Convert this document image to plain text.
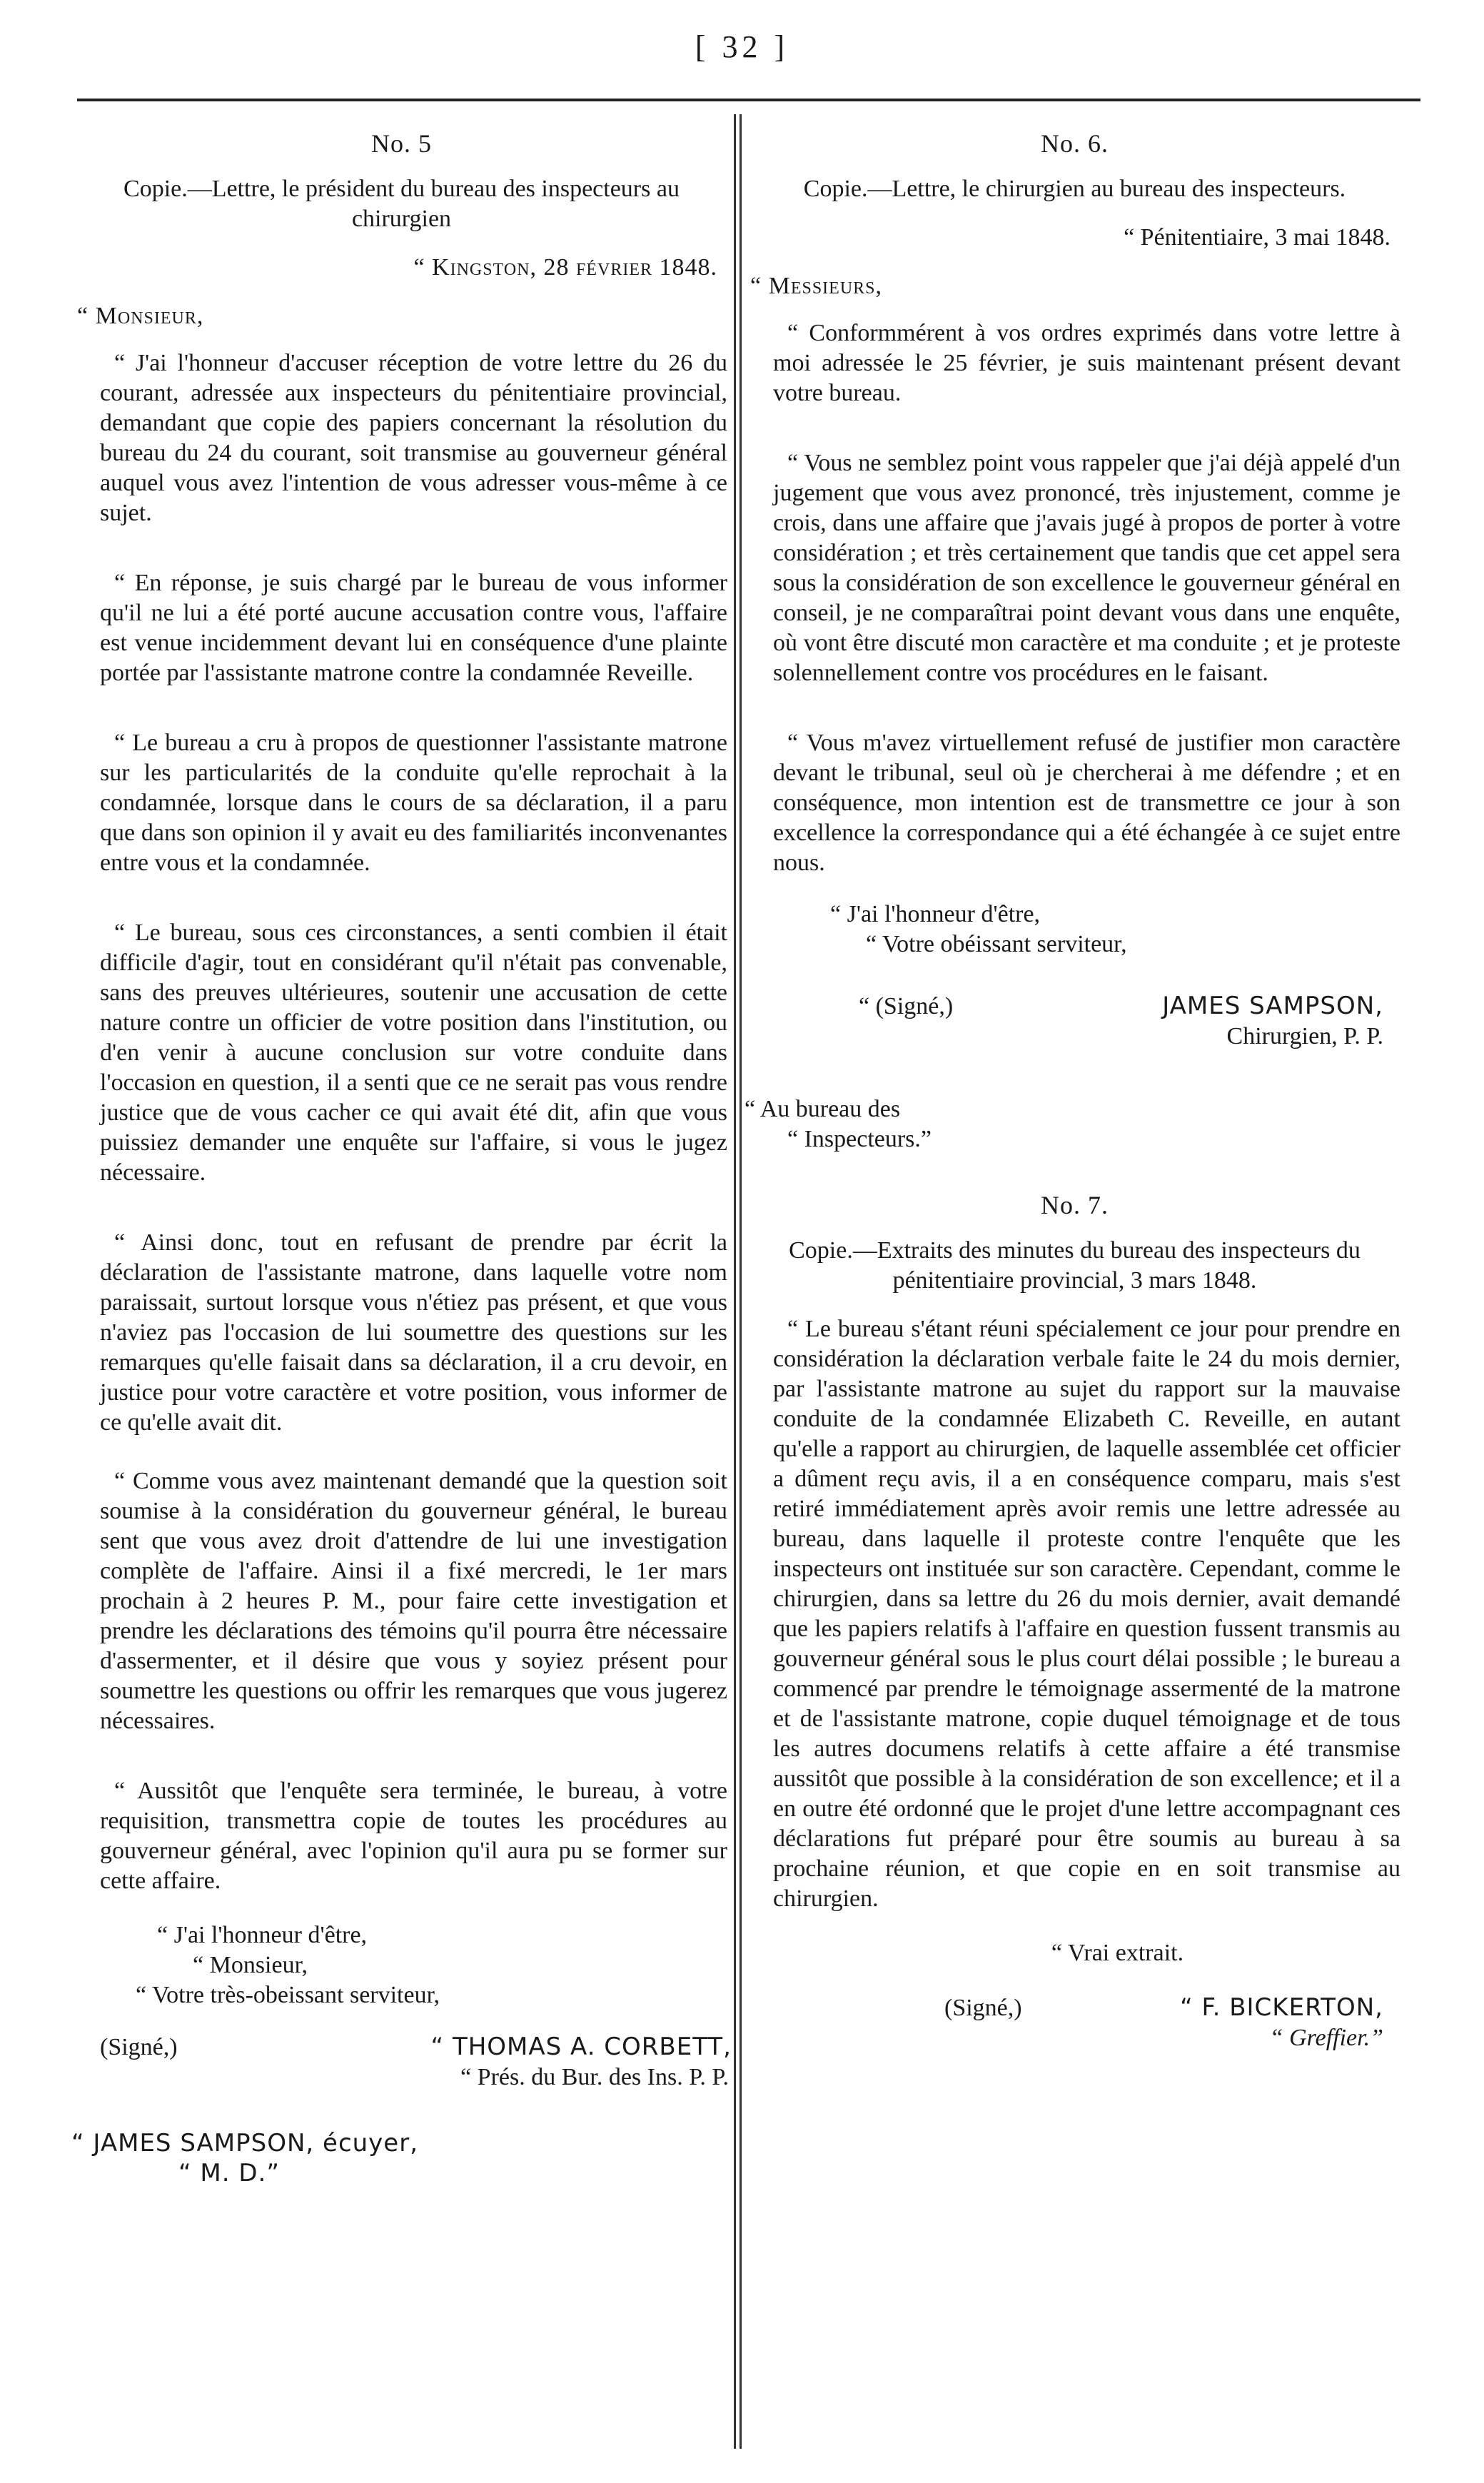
[ 32 ]
No. 5
Copie.—Lettre, le président du bureau des inspecteurs au chirurgien
“ Kingston, 28 février 1848.
“ Monsieur,
“ J'ai l'honneur d'accuser réception de votre lettre du 26 du courant, adressée aux inspecteurs du pénitentiaire provincial, demandant que copie des papiers concernant la résolution du bureau du 24 du courant, soit transmise au gouverneur général auquel vous avez l'intention de vous adresser vous-même à ce sujet.
“ En réponse, je suis chargé par le bureau de vous informer qu'il ne lui a été porté aucune accusation contre vous, l'affaire est venue incidemment devant lui en conséquence d'une plainte portée par l'assistante matrone contre la condamnée Reveille.
“ Le bureau a cru à propos de questionner l'assistante matrone sur les particularités de la conduite qu'elle reprochait à la condamnée, lorsque dans le cours de sa déclaration, il a paru que dans son opinion il y avait eu des familiarités inconvenantes entre vous et la condamnée.
“ Le bureau, sous ces circonstances, a senti combien il était difficile d'agir, tout en considérant qu'il n'était pas convenable, sans des preuves ultérieures, soutenir une accusation de cette nature contre un officier de votre position dans l'institution, ou d'en venir à aucune conclusion sur votre conduite dans l'occasion en question, il a senti que ce ne serait pas vous rendre justice que de vous cacher ce qui avait été dit, afin que vous puissiez demander une enquête sur l'affaire, si vous le jugez nécessaire.
“ Ainsi donc, tout en refusant de prendre par écrit la déclaration de l'assistante matrone, dans laquelle votre nom paraissait, surtout lorsque vous n'étiez pas présent, et que vous n'aviez pas l'occasion de lui soumettre des questions sur les remarques qu'elle faisait dans sa déclaration, il a cru devoir, en justice pour votre caractère et votre position, vous informer de ce qu'elle avait dit.
“ Comme vous avez maintenant demandé que la question soit soumise à la considération du gouverneur général, le bureau sent que vous avez droit d'attendre de lui une investigation complète de l'affaire. Ainsi il a fixé mercredi, le 1er mars prochain à 2 heures P. M., pour faire cette investigation et prendre les déclarations des témoins qu'il pourra être nécessaire d'assermenter, et il désire que vous y soyiez présent pour soumettre les questions ou offrir les remarques que vous jugerez nécessaires.
“ Aussitôt que l'enquête sera terminée, le bureau, à votre requisition, transmettra copie de toutes les procédures au gouverneur général, avec l'opinion qu'il aura pu se former sur cette affaire.
“ J'ai l'honneur d'être,
“ Monsieur,
“ Votre très-obeissant serviteur,
(Signé,)	“ THOMAS A. CORBETT,
“ Prés. du Bur. des Ins. P. P.
“ JAMES SAMPSON, écuyer,
“ M. D.”
No. 6.
Copie.—Lettre, le chirurgien au bureau des inspecteurs.
“ Pénitentiaire, 3 mai 1848.
“ Messieurs,
“ Conformmérent à vos ordres exprimés dans votre lettre à moi adressée le 25 février, je suis maintenant présent devant votre bureau.
“ Vous ne semblez point vous rappeler que j'ai déjà appelé d'un jugement que vous avez prononcé, très injustement, comme je crois, dans une affaire que j'avais jugé à propos de porter à votre considération ; et très certainement que tandis que cet appel sera sous la considération de son excellence le gouverneur général en conseil, je ne comparaîtrai point devant vous dans une enquête, où vont être discuté mon caractère et ma conduite ; et je proteste solennellement contre vos procédures en le faisant.
“ Vous m'avez virtuellement refusé de justifier mon caractère devant le tribunal, seul où je chercherai à me défendre ; et en conséquence, mon intention est de transmettre ce jour à son excellence la correspondance qui a été échangée à ce sujet entre nous.
“ J'ai l'honneur d'être,
“ Votre obéissant serviteur,
“ (Signé,)	JAMES SAMPSON,
Chirurgien, P. P.
“ Au bureau des
“ Inspecteurs.”
No. 7.
Copie.—Extraits des minutes du bureau des inspecteurs du pénitentiaire provincial, 3 mars 1848.
“ Le bureau s'étant réuni spécialement ce jour pour prendre en considération la déclaration verbale faite le 24 du mois dernier, par l'assistante matrone au sujet du rapport sur la mauvaise conduite de la condamnée Elizabeth C. Reveille, en autant qu'elle a rapport au chirurgien, de laquelle assemblée cet officier a dûment reçu avis, il a en conséquence comparu, mais s'est retiré immédiatement après avoir remis une lettre adressée au bureau, dans laquelle il proteste contre l'enquête que les inspecteurs ont instituée sur son caractère. Cependant, comme le chirurgien, dans sa lettre du 26 du mois dernier, avait demandé que les papiers relatifs à l'affaire en question fussent transmis au gouverneur général sous le plus court délai possible ; le bureau a commencé par prendre le témoignage assermenté de la matrone et de l'assistante matrone, copie duquel témoignage et de tous les autres documens relatifs à cette affaire a été transmise aussitôt que possible à la considération de son excellence; et il a en outre été ordonné que le projet d'une lettre accompagnant ces déclarations fut préparé pour être soumis au bureau à sa prochaine réunion, et que copie en en soit transmise au chirurgien.
“ Vrai extrait.
(Signé,)	“ F. BICKERTON,
“ Greffier.”
